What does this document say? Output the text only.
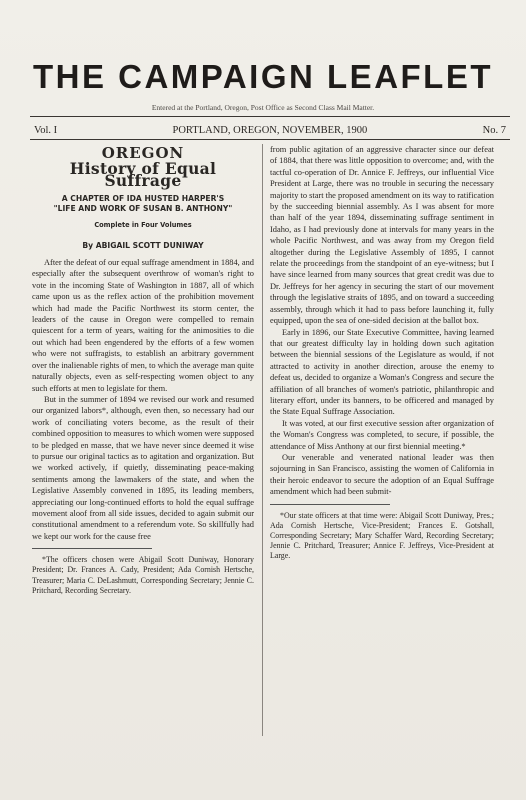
THE CAMPAIGN LEAFLET
Entered at the Portland, Oregon, Post Office as Second Class Mail Matter.
Vol. I	PORTLAND, OREGON, NOVEMBER, 1900	No. 7
OREGON
History of Equal Suffrage
A CHAPTER OF IDA HUSTED HARPER'S
"LIFE AND WORK OF SUSAN B. ANTHONY"
Complete in Four Volumes
By ABIGAIL SCOTT DUNIWAY

After the defeat of our equal suffrage amendment in 1884, and especially after the subsequent overthrow of woman's right to vote in the incoming State of Washington in 1887, all of which came upon us as the reflex action of the prohibition movement which had made the Pacific Northwest its storm center, the leaders of the cause in Oregon were compelled to remain quiescent for a term of years, waiting for the animosities to die out which had been engendered by the efforts of a few women who were not suffragists, to establish an arbitrary government over the inalienable rights of men, to which the average man quite naturally objects, even as self-respecting women object to any such efforts at men to legislate for them.

But in the summer of 1894 we revised our work and resumed our organized labors*, although, even then, so necessary had our work of conciliating voters become, as the result of their combined opposition to measures to which women were supposed to be pledged en masse, that we have never since deemed it wise to pursue our original tactics as to agitation and organization. But we worked actively, if quietly, disseminating peace-making sentiments among the lawmakers of the state, and when the Legislative Assembly convened in 1895, its leading members, appreciating our long-continued efforts to hold the equal suffrage movement aloof from all side issues, decided to again submit our constitutional amendment to a referendum vote. So skillfully had we kept our work for the cause free

*The officers chosen were Abigail Scott Duniway, Honorary President; Dr. Frances A. Cady, President; Ada Cornish Hertsche, Treasurer; Maria C. DeLashmutt, Corresponding Secretary; Jennie C. Pritchard, Recording Secretary.

from public agitation of an aggressive character since our defeat of 1884, that there was little opposition to overcome; and, with the tactful co-operation of Dr. Annice F. Jeffreys, our influential Vice President at Large, there was no trouble in securing the necessary majority to start the proposed amendment on its way to ratification by the succeeding biennial assembly. As I was absent for more than half of the year 1894, disseminating suffrage sentiment in Idaho, as I had previously done at intervals for many years in the whole Pacific Northwest, and was away from my Oregon field altogether during the Legislative Assembly of 1895, I cannot relate the proceedings from the standpoint of an eye-witness; but I have since learned from many sources that great credit was due to Dr. Jeffreys for her agency in securing the start of our movement through the legislative straits of 1895, and on toward a succeeding assembly, through which it had to pass before launching it, fully equipped, upon the sea of one-sided decision at the ballot box.

Early in 1896, our State Executive Committee, having learned that our greatest difficulty lay in holding down such agitation between the biennial sessions of the Legislature as would, if not attracted to activity in another direction, arouse the enemy to defeat us, decided to organize a Woman's Congress and secure the affiliation of all branches of women's patriotic, philanthropic and literary effort, under its banners, to be officered and managed by the State Equal Suffrage Association.

It was voted, at our first executive session after organization of the Woman's Congress was completed, to secure, if possible, the attendance of Miss Anthony at our first biennial meeting.*

Our venerable and venerated national leader was then sojourning in San Francisco, assisting the women of California in their heroic endeavor to secure the adoption of an Equal Suffrage amendment which had been submit-

*Our state officers at that time were: Abigail Scott Duniway, Pres.; Ada Cornish Hertsche, Vice-President; Frances E. Gotshall, Corresponding Secretary; Mary Schaffer Ward, Recording Secretary; Jennie C. Pritchard, Treasurer; Annice F. Jeffreys, Vice-President at Large.
